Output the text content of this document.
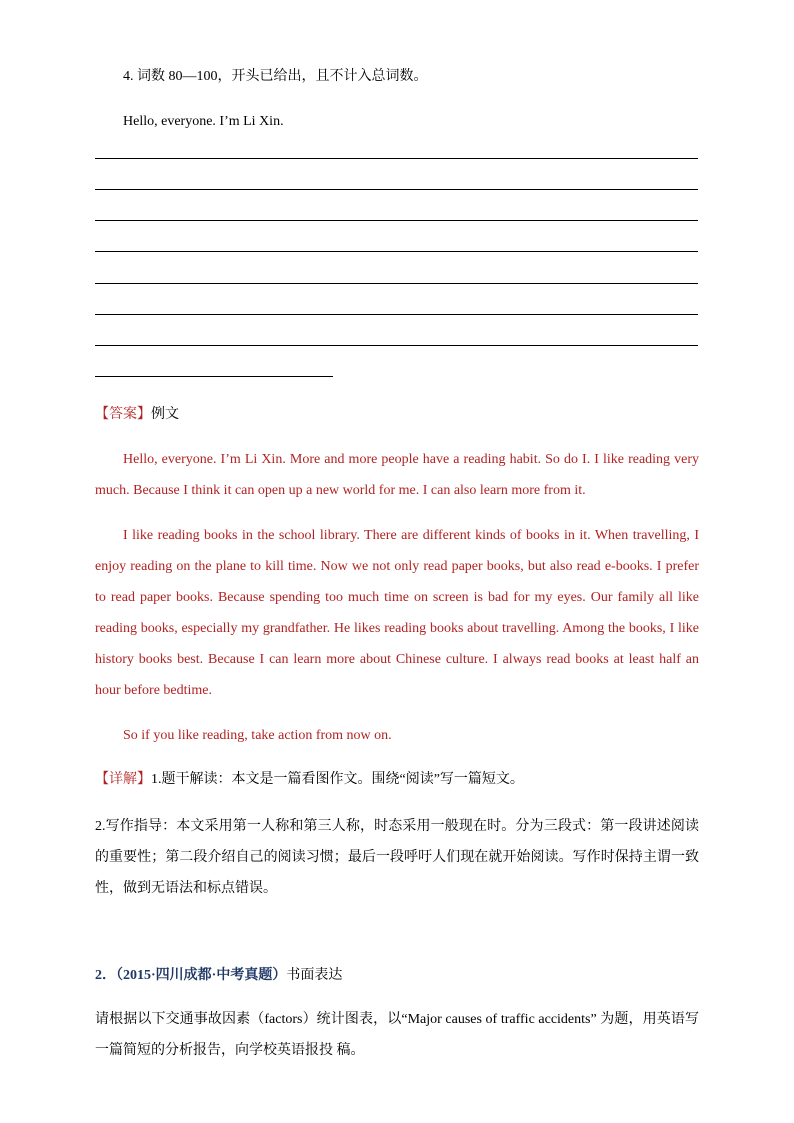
4. 词数 80—100，开头已给出，且不计入总词数。
Hello, everyone. I’m Li Xin.
【答案】例文
Hello, everyone. I’m Li Xin. More and more people have a reading habit. So do I. I like reading very much. Because I think it can open up a new world for me. I can also learn more from it.
I like reading books in the school library. There are different kinds of books in it. When travelling, I enjoy reading on the plane to kill time. Now we not only read paper books, but also read e-books. I prefer to read paper books. Because spending too much time on screen is bad for my eyes. Our family all like reading books, especially my grandfather. He likes reading books about travelling. Among the books, I like history books best. Because I can learn more about Chinese culture. I always read books at least half an hour before bedtime.
So if you like reading, take action from now on.
【详解】1.题干解读：本文是一篇看图作文。围绕“阅读”写一篇短文。
2.写作指导：本文采用第一人称和第三人称，时态采用一般现在时。分为三段式：第一段讲述阅读的重要性；第二段介绍自己的阅读习惯；最后一段呼吁人们现在就开始阅读。写作时保持主谓一致性，做到无语法和标点错误。
2．（2015·四川成都·中考真题）书面表达
请根据以下交通事故因素（factors）统计图表，以“Major causes of traffic accidents” 为题，用英语写一篇简短的分析报告，向学校英语报投 稿。
